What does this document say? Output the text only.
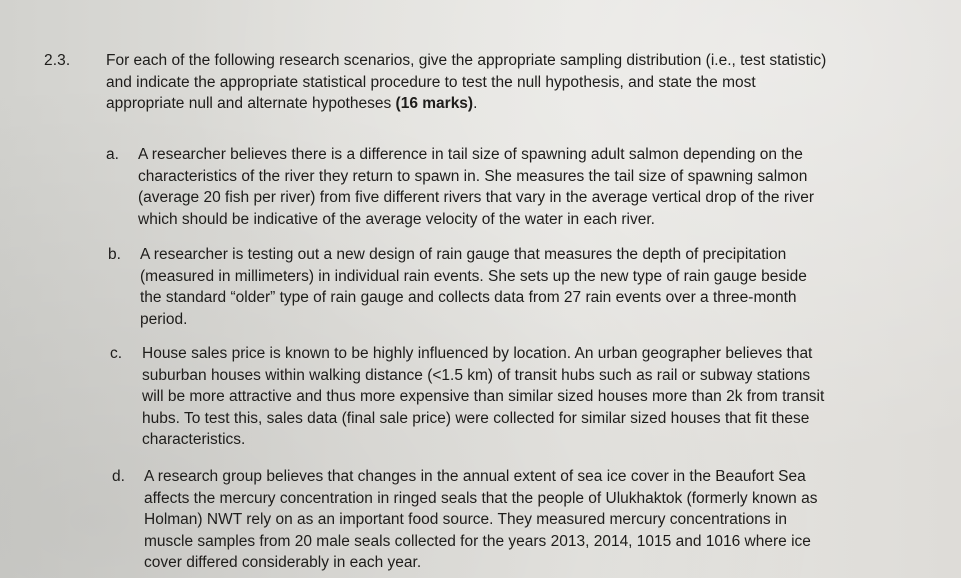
2.3. For each of the following research scenarios, give the appropriate sampling distribution (i.e., test statistic)
and indicate the appropriate statistical procedure to test the null hypothesis, and state the most
appropriate null and alternate hypotheses (16 marks).
a. A researcher believes there is a difference in tail size of spawning adult salmon depending on the
characteristics of the river they return to spawn in. She measures the tail size of spawning salmon
(average 20 fish per river) from five different rivers that vary in the average vertical drop of the river
which should be indicative of the average velocity of the water in each river.
b. A researcher is testing out a new design of rain gauge that measures the depth of precipitation
(measured in millimeters) in individual rain events. She sets up the new type of rain gauge beside
the standard “older” type of rain gauge and collects data from 27 rain events over a three-month
period.
c. House sales price is known to be highly influenced by location. An urban geographer believes that
suburban houses within walking distance (<1.5 km) of transit hubs such as rail or subway stations
will be more attractive and thus more expensive than similar sized houses more than 2k from transit
hubs. To test this, sales data (final sale price) were collected for similar sized houses that fit these
characteristics.
d. A research group believes that changes in the annual extent of sea ice cover in the Beaufort Sea
affects the mercury concentration in ringed seals that the people of Ulukhaktok (formerly known as
Holman) NWT rely on as an important food source. They measured mercury concentrations in
muscle samples from 20 male seals collected for the years 2013, 2014, 1015 and 1016 where ice
cover differed considerably in each year.
